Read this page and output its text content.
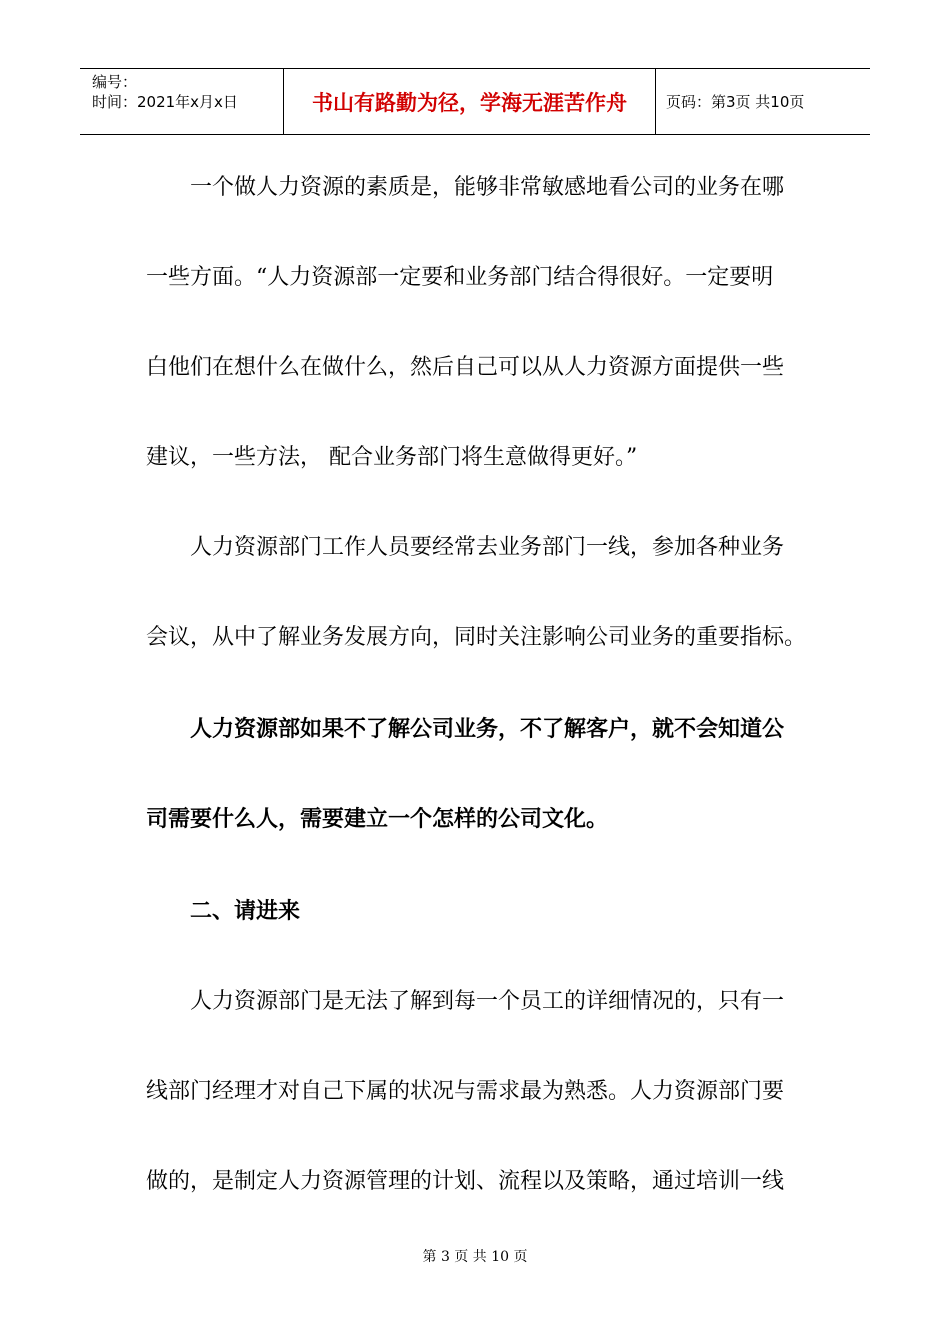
编号：
时间：2021年x月x日	书山有路勤为径，学海无涯苦作舟	页码：第3页 共10页
一个做人力资源的素质是，能够非常敏感地看公司的业务在哪
一些方面。“人力资源部一定要和业务部门结合得很好。一定要明
白他们在想什么在做什么，然后自己可以从人力资源方面提供一些
建议，一些方法， 配合业务部门将生意做得更好。”
人力资源部门工作人员要经常去业务部门一线，参加各种业务
会议，从中了解业务发展方向，同时关注影响公司业务的重要指标。
人力资源部如果不了解公司业务，不了解客户，就不会知道公
司需要什么人，需要建立一个怎样的公司文化。
二、请进来
人力资源部门是无法了解到每一个员工的详细情况的，只有一
线部门经理才对自己下属的状况与需求最为熟悉。人力资源部门要
做的，是制定人力资源管理的计划、流程以及策略，通过培训一线
第 3 页 共 10 页
